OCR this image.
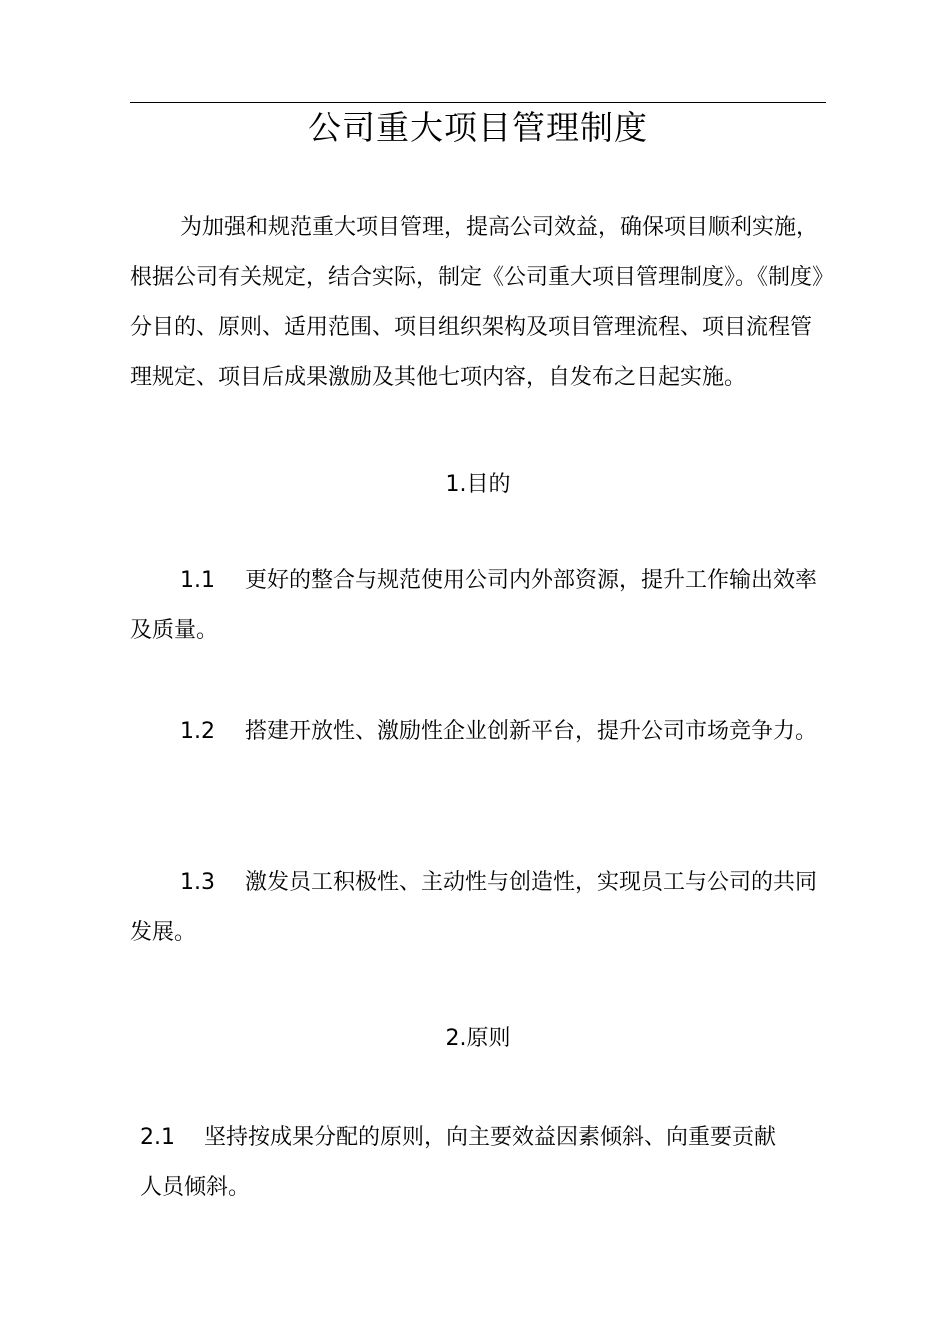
公司重大项目管理制度

为加强和规范重大项目管理，提高公司效益，确保项目顺利实施，根据公司有关规定，结合实际，制定《公司重大项目管理制度》。《制度》分目的、原则、适用范围、项目组织架构及项目管理流程、项目流程管理规定、项目后成果激励及其他七项内容，自发布之日起实施。

1.目的

1.1 更好的整合与规范使用公司内外部资源，提升工作输出效率及质量。

1.2 搭建开放性、激励性企业创新平台，提升公司市场竞争力。

1.3 激发员工积极性、主动性与创造性，实现员工与公司的共同发展。

2.原则

2.1 坚持按成果分配的原则，向主要效益因素倾斜、向重要贡献人员倾斜。
